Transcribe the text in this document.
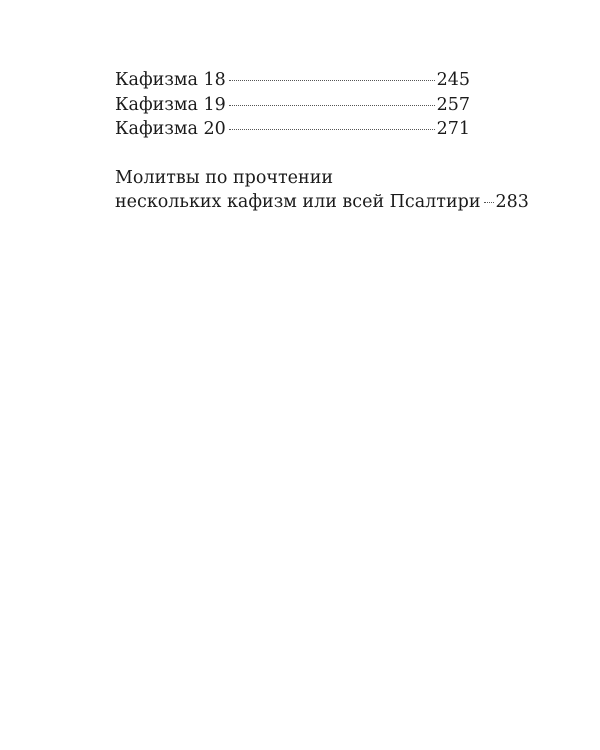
Кафизма 18	245
Кафизма 19	257
Кафизма 20	271
Молитвы по прочтении
нескольких кафизм или всей Псалтири 283
